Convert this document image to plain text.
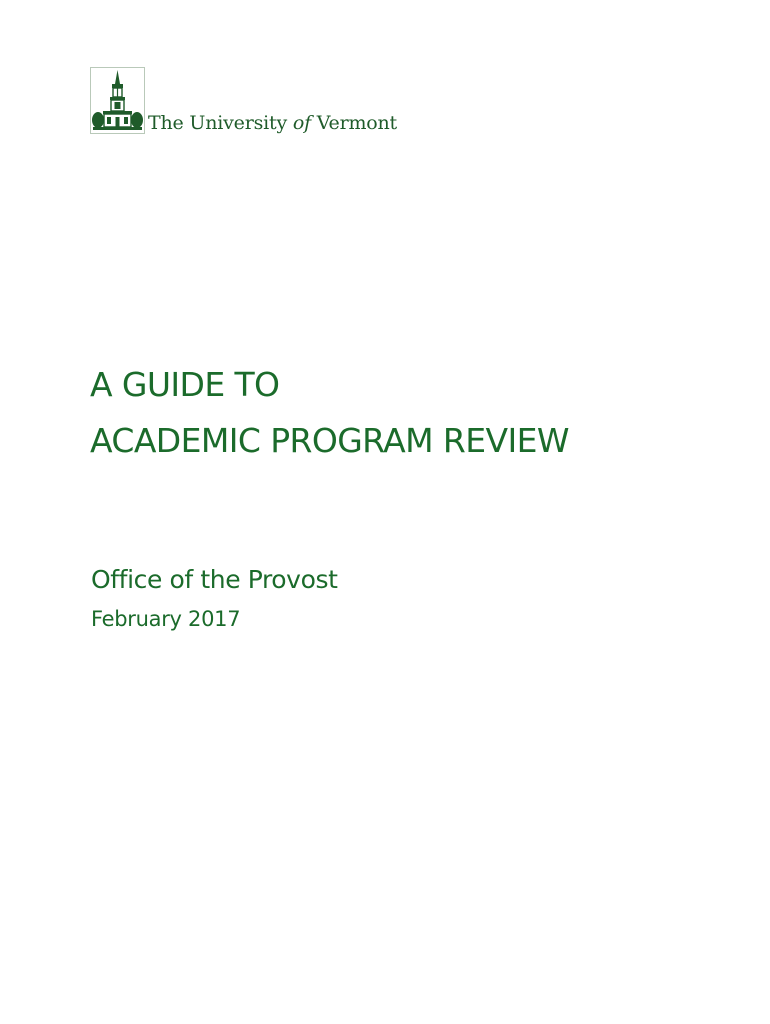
The University of Vermont
A GUIDE TO
ACADEMIC PROGRAM REVIEW
Office of the Provost
February 2017
